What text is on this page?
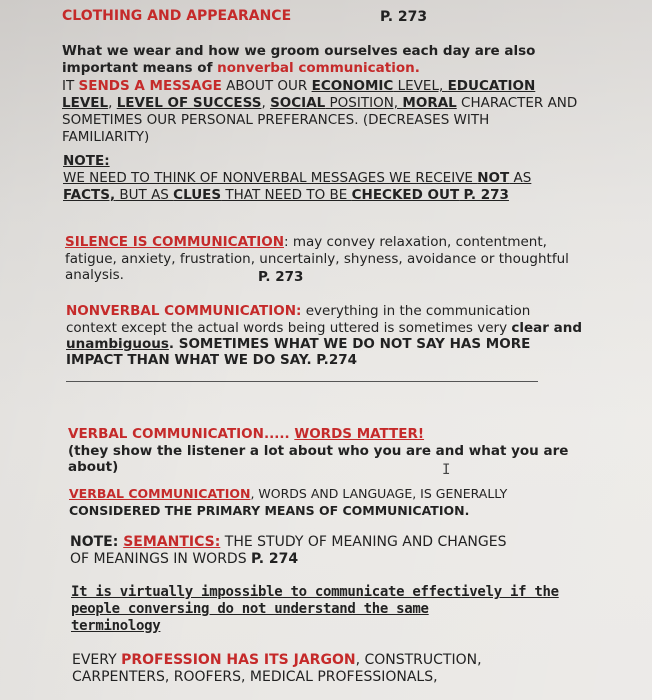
CLOTHING AND APPEARANCE	P. 273
What we wear and how we groom ourselves each day are also
important means of nonverbal communication.
IT SENDS A MESSAGE ABOUT OUR ECONOMIC LEVEL, EDUCATION
LEVEL, LEVEL OF SUCCESS, SOCIAL POSITION, MORAL CHARACTER AND
SOMETIMES OUR PERSONAL PREFERANCES. (DECREASES WITH
FAMILIARITY)
NOTE:
WE NEED TO THINK OF NONVERBAL MESSAGES WE RECEIVE NOT AS
FACTS, BUT AS CLUES THAT NEED TO BE CHECKED OUT P. 273
SILENCE IS COMMUNICATION: may convey relaxation, contentment,
fatigue, anxiety, frustration, uncertainly, shyness, avoidance or thoughtful
analysis.	P. 273
NONVERBAL COMMUNICATION: everything in the communication
context except the actual words being uttered is sometimes very clear and
unambiguous. SOMETIMES WHAT WE DO NOT SAY HAS MORE
IMPACT THAN WHAT WE DO SAY. P.274
VERBAL COMMUNICATION..... WORDS MATTER!
(they show the listener a lot about who you are and what you are
about)	I
VERBAL COMMUNICATION, WORDS AND LANGUAGE, IS GENERALLY
CONSIDERED THE PRIMARY MEANS OF COMMUNICATION.
NOTE: SEMANTICS: THE STUDY OF MEANING AND CHANGES
OF MEANINGS IN WORDS P. 274
It is virtually impossible to communicate effectively if the
people conversing do not understand the same
terminology
EVERY PROFESSION HAS ITS JARGON, CONSTRUCTION,
CARPENTERS, ROOFERS, MEDICAL PROFESSIONALS,
